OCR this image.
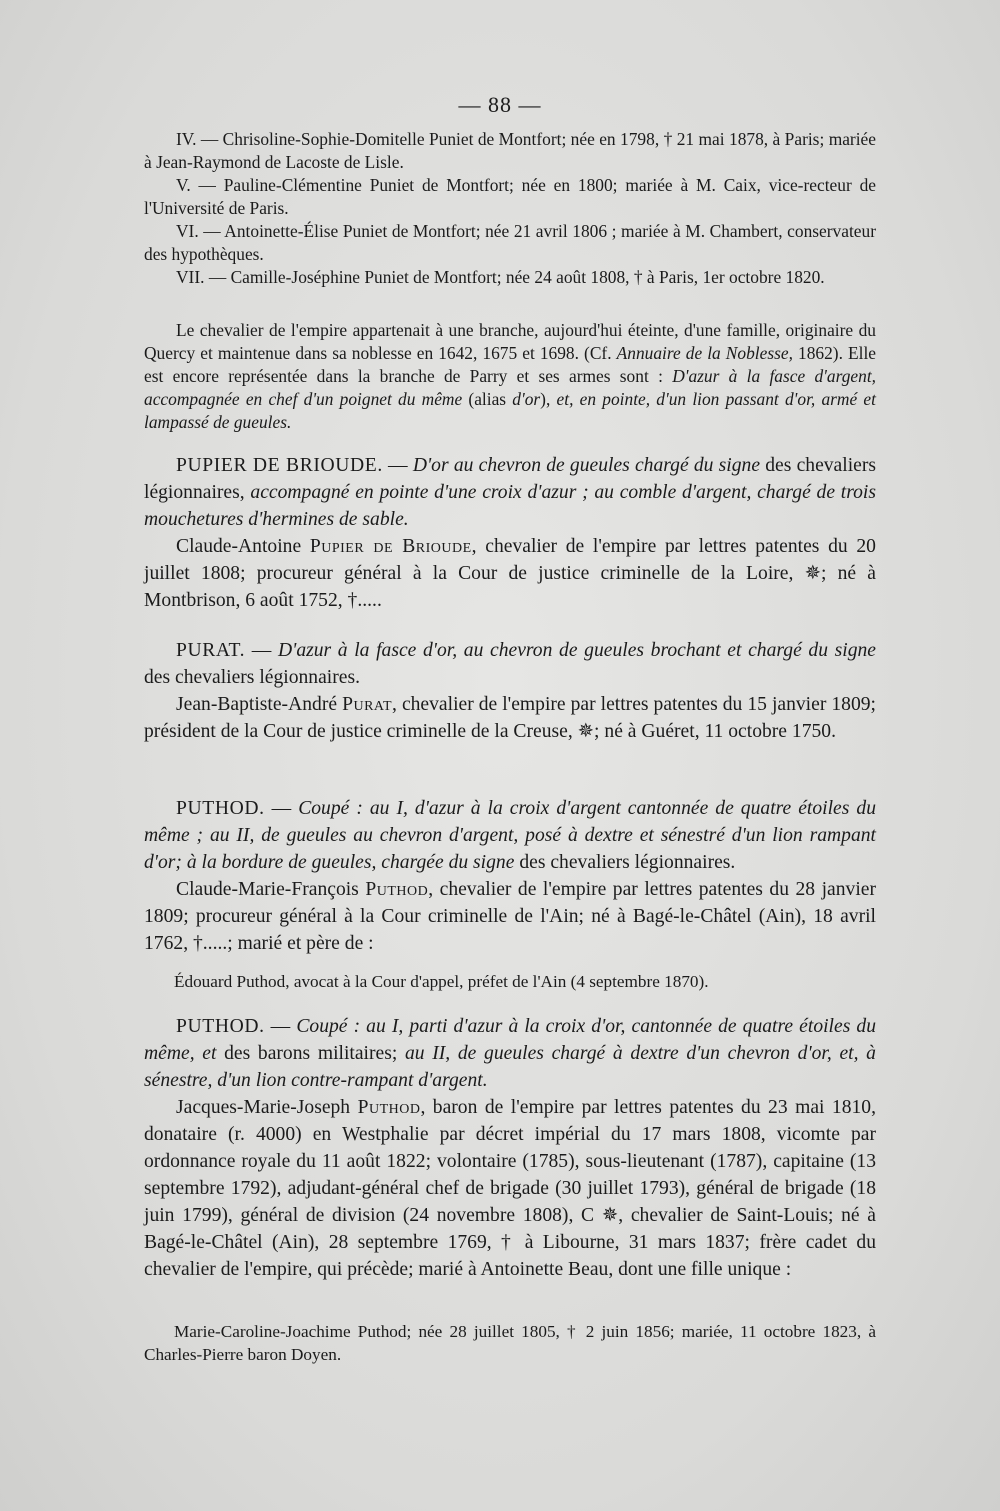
— 88 —

IV. — Chrisoline-Sophie-Domitelle Puniet de Montfort; née en 1798, † 21 mai 1878, à Paris; mariée à Jean-Raymond de Lacoste de Lisle.

V. — Pauline-Clémentine Puniet de Montfort; née en 1800; mariée à M. Caix, vice-recteur de l'Université de Paris.

VI. — Antoinette-Élise Puniet de Montfort; née 21 avril 1806 ; mariée à M. Chambert, conservateur des hypothèques.

VII. — Camille-Joséphine Puniet de Montfort; née 24 août 1808, † à Paris, 1er octobre 1820.

Le chevalier de l'empire appartenait à une branche, aujourd'hui éteinte, d'une famille, originaire du Quercy et maintenue dans sa noblesse en 1642, 1675 et 1698. (Cf. Annuaire de la Noblesse, 1862). Elle est encore représentée dans la branche de Parry et ses armes sont : D'azur à la fasce d'argent, accompagnée en chef d'un poignet du même (alias d'or), et, en pointe, d'un lion passant d'or, armé et lampassé de gueules.

PUPIER DE BRIOUDE. — D'or au chevron de gueules chargé du signe des chevaliers légionnaires, accompagné en pointe d'une croix d'azur ; au comble d'argent, chargé de trois mouchetures d'hermines de sable.

Claude-Antoine Pupier de Brioude, chevalier de l'empire par lettres patentes du 20 juillet 1808; procureur général à la Cour de justice criminelle de la Loire, ✵; né à Montbrison, 6 août 1752, †.....

PURAT. — D'azur à la fasce d'or, au chevron de gueules brochant et chargé du signe des chevaliers légionnaires.

Jean-Baptiste-André Purat, chevalier de l'empire par lettres patentes du 15 janvier 1809; président de la Cour de justice criminelle de la Creuse, ✵; né à Guéret, 11 octobre 1750.

PUTHOD. — Coupé : au I, d'azur à la croix d'argent cantonnée de quatre étoiles du même ; au II, de gueules au chevron d'argent, posé à dextre et sénestré d'un lion rampant d'or; à la bordure de gueules, chargée du signe des chevaliers légionnaires.

Claude-Marie-François Puthod, chevalier de l'empire par lettres patentes du 28 janvier 1809; procureur général à la Cour criminelle de l'Ain; né à Bagé-le-Châtel (Ain), 18 avril 1762, †.....; marié et père de :

Édouard Puthod, avocat à la Cour d'appel, préfet de l'Ain (4 septembre 1870).

PUTHOD. — Coupé : au I, parti d'azur à la croix d'or, cantonnée de quatre étoiles du même, et des barons militaires; au II, de gueules chargé à dextre d'un chevron d'or, et, à sénestre, d'un lion contre-rampant d'argent.

Jacques-Marie-Joseph Puthod, baron de l'empire par lettres patentes du 23 mai 1810, donataire (r. 4000) en Westphalie par décret impérial du 17 mars 1808, vicomte par ordonnance royale du 11 août 1822; volontaire (1785), sous-lieutenant (1787), capitaine (13 septembre 1792), adjudant-général chef de brigade (30 juillet 1793), général de brigade (18 juin 1799), général de division (24 novembre 1808), C ✵, chevalier de Saint-Louis; né à Bagé-le-Châtel (Ain), 28 septembre 1769, † à Libourne, 31 mars 1837; frère cadet du chevalier de l'empire, qui précède; marié à Antoinette Beau, dont une fille unique :

Marie-Caroline-Joachime Puthod; née 28 juillet 1805, † 2 juin 1856; mariée, 11 octobre 1823, à Charles-Pierre baron Doyen.
